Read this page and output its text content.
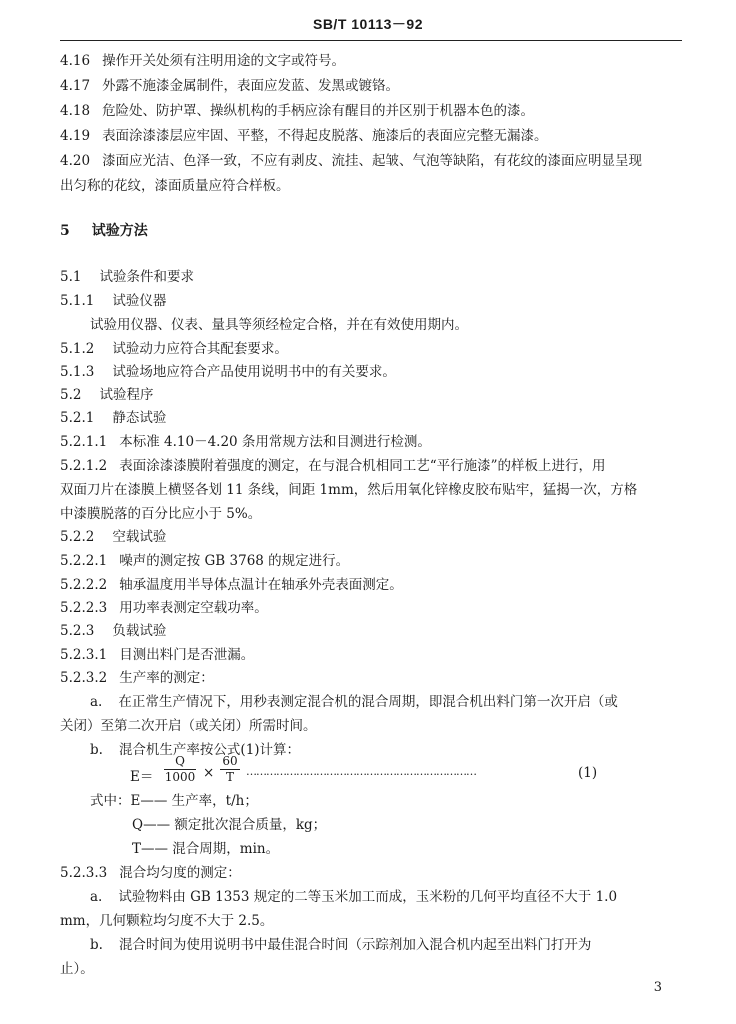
SB/T 10113－92
4.16 操作开关处须有注明用途的文字或符号。
4.17 外露不施漆金属制件，表面应发蓝、发黑或镀铬。
4.18 危险处、防护罩、操纵机构的手柄应涂有醒目的并区别于机器本色的漆。
4.19 表面涂漆漆层应牢固、平整，不得起皮脱落、施漆后的表面应完整无漏漆。
4.20 漆面应光洁、色泽一致，不应有剥皮、流挂、起皱、气泡等缺陷，有花纹的漆面应明显呈现
出匀称的花纹，漆面质量应符合样板。
5 试验方法
5.1 试验条件和要求
5.1.1 试验仪器
试验用仪器、仪表、量具等须经检定合格，并在有效使用期内。
5.1.2 试验动力应符合其配套要求。
5.1.3 试验场地应符合产品使用说明书中的有关要求。
5.2 试验程序
5.2.1 静态试验
5.2.1.1 本标准 4.10－4.20 条用常规方法和目测进行检测。
5.2.1.2 表面涂漆漆膜附着强度的测定，在与混合机相同工艺“平行施漆”的样板上进行，用
双面刀片在漆膜上横竖各划 11 条线，间距 1mm，然后用氧化锌橡皮胶布贴牢，猛揭一次，方格
中漆膜脱落的百分比应小于 5%。
5.2.2 空载试验
5.2.2.1 噪声的测定按 GB 3768 的规定进行。
5.2.2.2 轴承温度用半导体点温计在轴承外壳表面测定。
5.2.2.3 用功率表测定空载功率。
5.2.3 负载试验
5.2.3.1 目测出料门是否泄漏。
5.2.3.2 生产率的测定：
a. 在正常生产情况下，用秒表测定混合机的混合周期，即混合机出料门第一次开启（或
关闭）至第二次开启（或关闭）所需时间。
b. 混合机生产率按公式(1)计算：
E＝
Q
1000 ×
60
T	……………………………………………………………	(1)
式中：E—— 生产率，t/h；
Q—— 额定批次混合质量，kg；
T—— 混合周期，min。
5.2.3.3 混合均匀度的测定：
a. 试验物料由 GB 1353 规定的二等玉米加工而成，玉米粉的几何平均直径不大于 1.0
mm，几何颗粒均匀度不大于 2.5。
b. 混合时间为使用说明书中最佳混合时间（示踪剂加入混合机内起至出料门打开为
止）。
3
